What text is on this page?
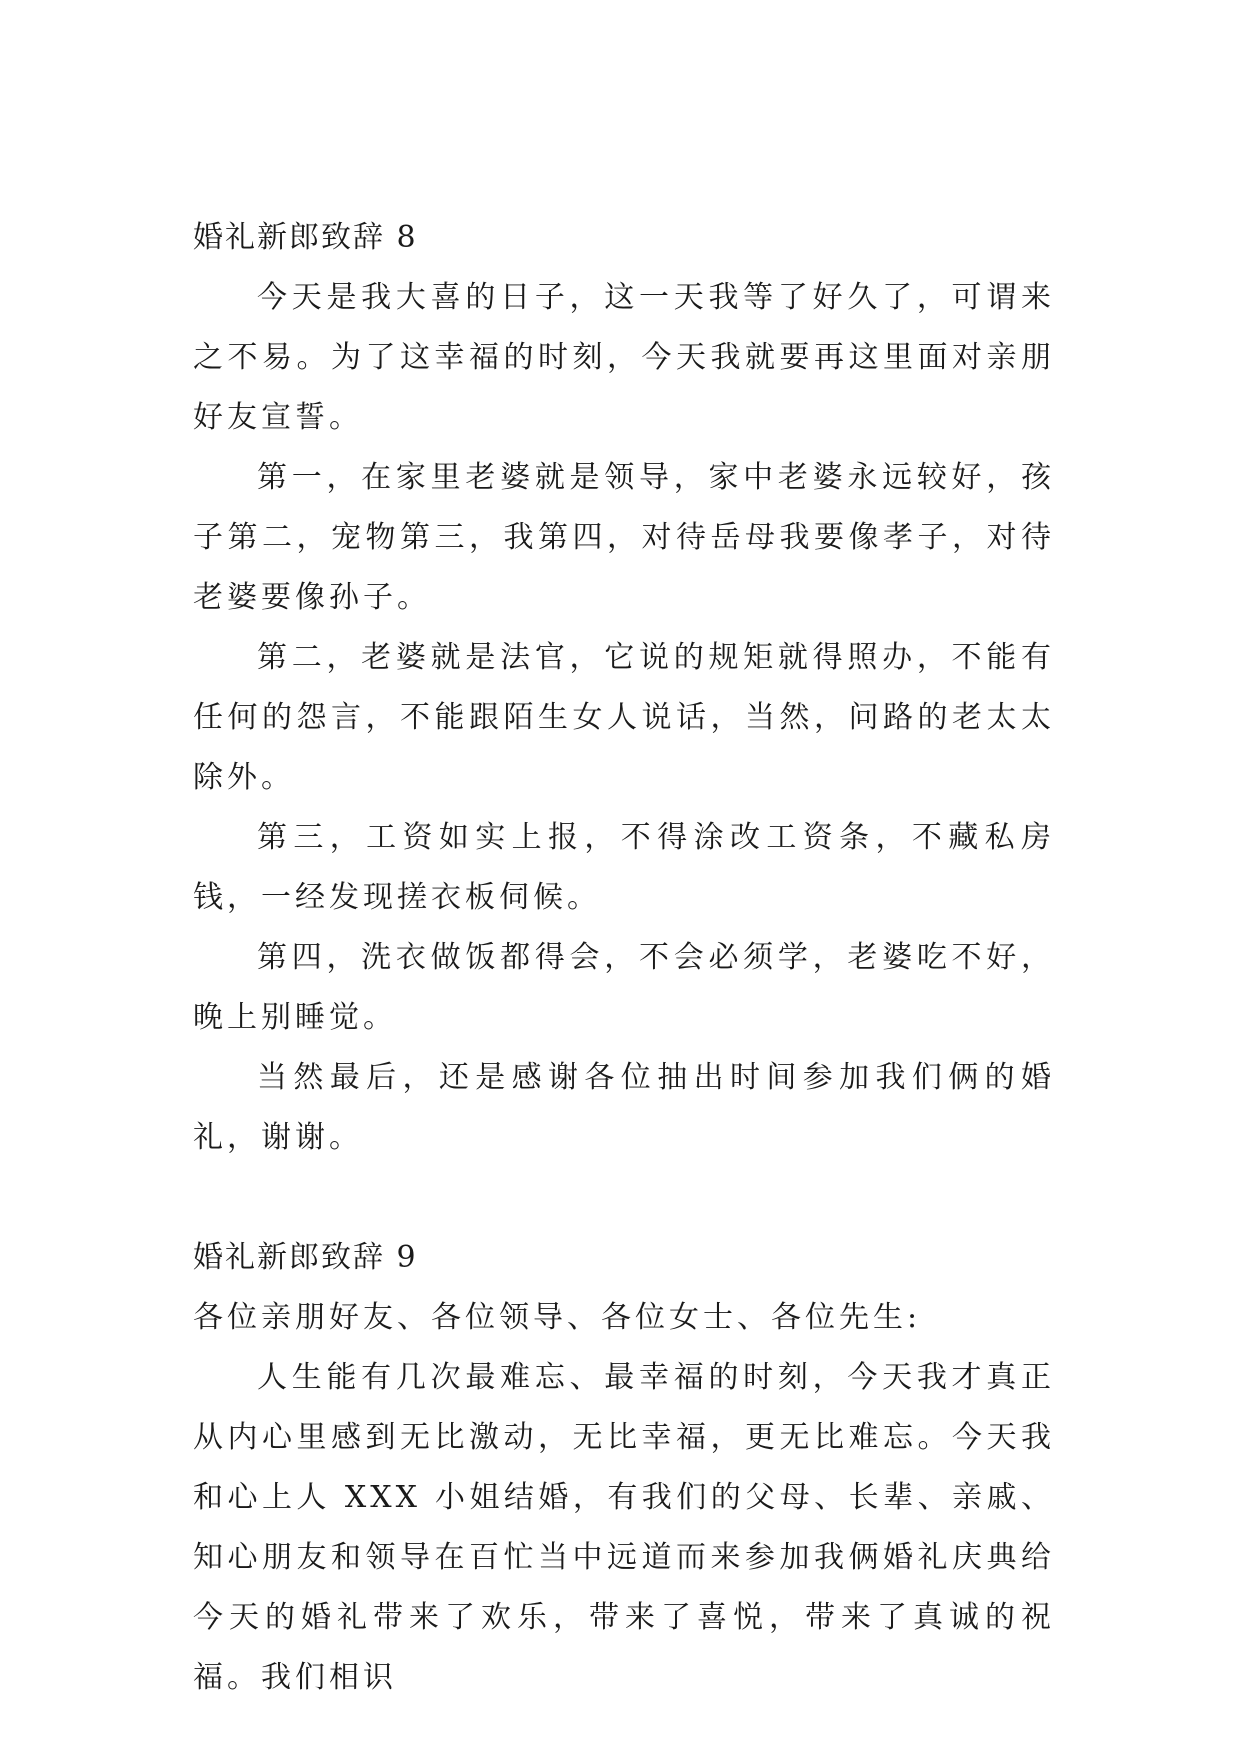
婚礼新郎致辞 8

今天是我大喜的日子，这一天我等了好久了，可谓来之不易。为了这幸福的时刻，今天我就要再这里面对亲朋好友宣誓。

第一，在家里老婆就是领导，家中老婆永远较好，孩子第二，宠物第三，我第四，对待岳母我要像孝子，对待老婆要像孙子。

第二，老婆就是法官，它说的规矩就得照办，不能有任何的怨言，不能跟陌生女人说话，当然，问路的老太太除外。

第三，工资如实上报，不得涂改工资条，不藏私房钱，一经发现搓衣板伺候。

第四，洗衣做饭都得会，不会必须学，老婆吃不好，晚上别睡觉。

当然最后，还是感谢各位抽出时间参加我们俩的婚礼，谢谢。

婚礼新郎致辞 9

各位亲朋好友、各位领导、各位女士、各位先生:

人生能有几次最难忘、最幸福的时刻，今天我才真正从内心里感到无比激动，无比幸福，更无比难忘。今天我和心上人 XXX 小姐结婚，有我们的父母、长辈、亲戚、知心朋友和领导在百忙当中远道而来参加我俩婚礼庆典给今天的婚礼带来了欢乐，带来了喜悦，带来了真诚的祝福。我们相识
